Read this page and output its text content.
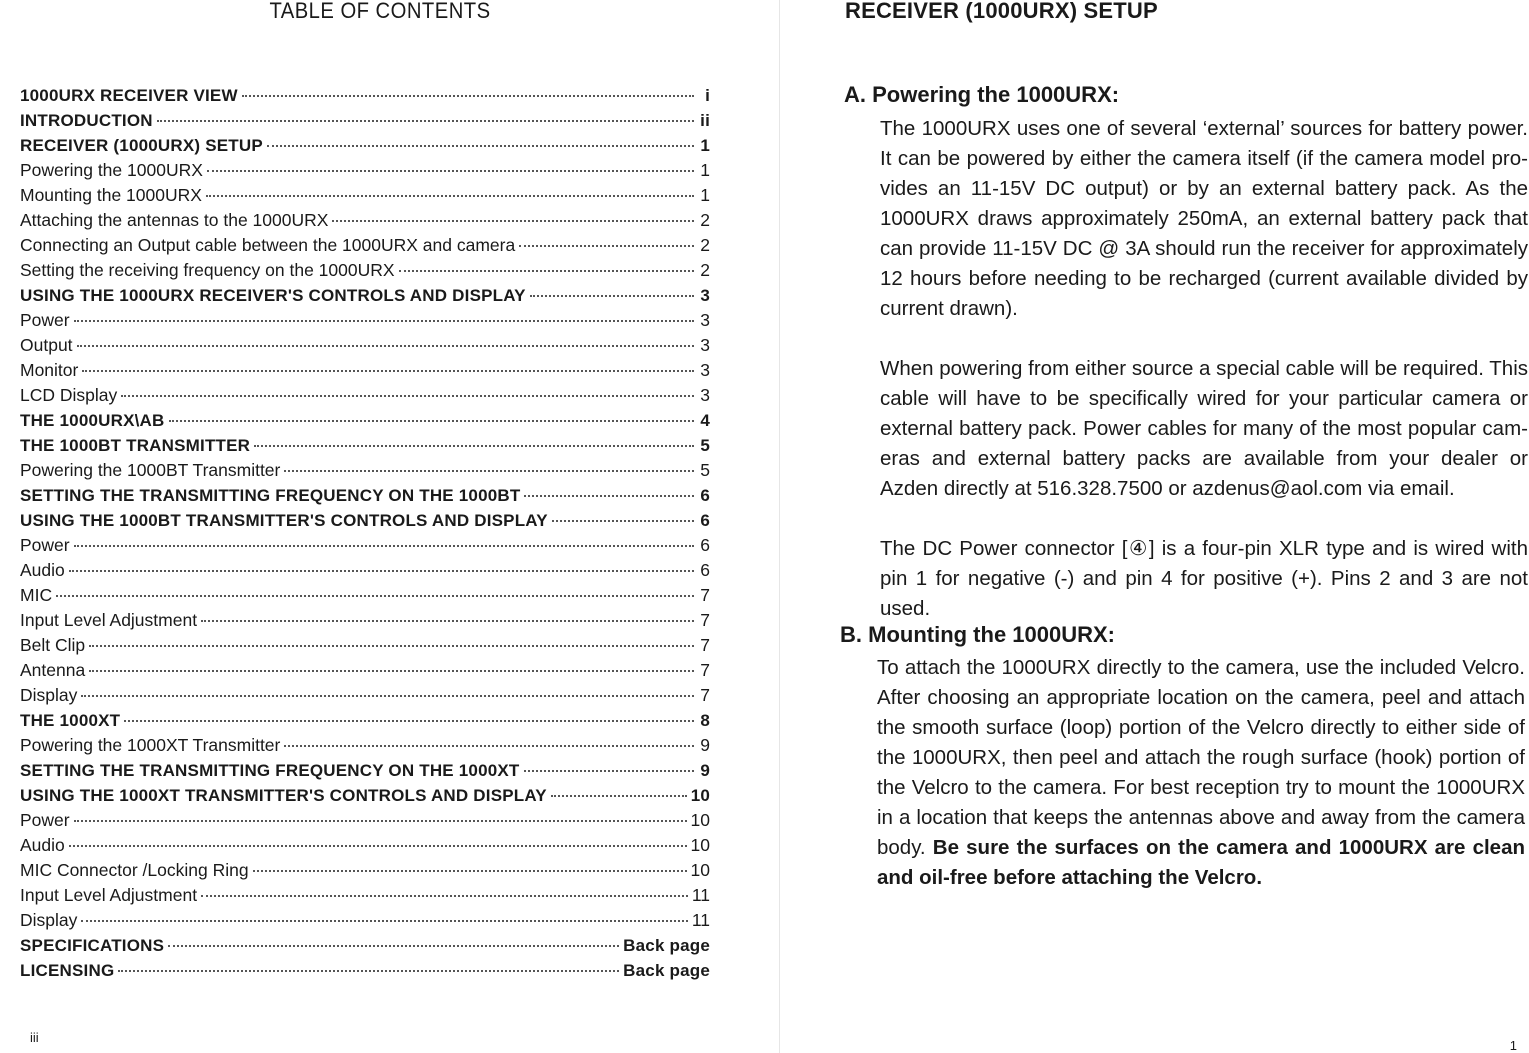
TABLE OF CONTENTS
1000URX RECEIVER VIEW	i
INTRODUCTION	ii
RECEIVER (1000URX) SETUP	1
Powering the 1000URX	1
Mounting the 1000URX	1
Attaching the antennas to the 1000URX	2
Connecting an Output cable between the 1000URX and camera	2
Setting the receiving frequency on the 1000URX	2
USING THE 1000URX RECEIVER'S CONTROLS AND DISPLAY	3
Power	3
Output	3
Monitor	3
LCD Display	3
THE 1000URX\AB	4
THE 1000BT TRANSMITTER	5
Powering the 1000BT Transmitter	5
SETTING THE TRANSMITTING FREQUENCY ON THE 1000BT	6
USING THE 1000BT TRANSMITTER'S CONTROLS AND DISPLAY	6
Power	6
Audio	6
MIC	7
Input Level Adjustment	7
Belt Clip	7
Antenna	7
Display	7
THE 1000XT	8
Powering the 1000XT Transmitter	9
SETTING THE TRANSMITTING FREQUENCY ON THE 1000XT	9
USING THE 1000XT TRANSMITTER'S CONTROLS AND DISPLAY	10
Power	10
Audio	10
MIC Connector /Locking Ring	10
Input Level Adjustment	11
Display	11
SPECIFICATIONS	Back page
LICENSING	Back page
iii
RECEIVER (1000URX) SETUP
A. Powering the 1000URX:

The 1000URX uses one of several ‘external’ sources for battery power. It can be powered by either the camera itself (if the camera model pro-vides an 11-15V DC output) or by an external battery pack. As the 1000URX draws approximately 250mA, an external battery pack that can provide 11-15V DC @ 3A should run the receiver for approximately 12 hours before needing to be recharged (current available divided by current drawn).

When powering from either source a special cable will be required. This cable will have to be specifically wired for your particular camera or external battery pack. Power cables for many of the most popular cam-eras and external battery packs are available from your dealer or Azden directly at 516.328.7500 or azdenus@aol.com via email.

The DC Power connector [④] is a four-pin XLR type and is wired with pin 1 for negative (-) and pin 4 for positive (+). Pins 2 and 3 are not used.

B. Mounting the 1000URX:

To attach the 1000URX directly to the camera, use the included Velcro. After choosing an appropriate location on the camera, peel and attach the smooth surface (loop) portion of the Velcro directly to either side of the 1000URX, then peel and attach the rough surface (hook) portion of the Velcro to the camera. For best reception try to mount the 1000URX in a location that keeps the antennas above and away from the camera body. Be sure the surfaces on the camera and 1000URX are clean and oil-free before attaching the Velcro.

1
